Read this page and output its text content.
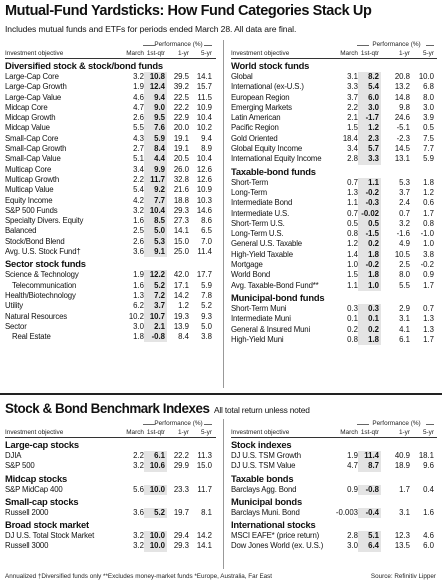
Mutual-Fund Yardsticks: How Fund Categories Stack Up
Includes mutual funds and ETFs for periods ended March 28. All data are final.
Performance (%)
Investment objective	March 1st-qtr 1-yr 5-yr
Diversified stock & stock/bond funds
Large-Cap Core	3.2 10.8 29.5 14.1
Large-Cap Growth	1.9 12.4 39.2 15.7
Large-Cap Value	4.6 9.4 22.5 11.5
Midcap Core	4.7 9.0 22.2 10.9
Midcap Growth	2.6 9.5 22.9 10.4
Midcap Value	5.5 7.6 20.0 10.2
Small-Cap Core	4.3 5.9 19.1 9.4
Small-Cap Growth	2.7 8.4 19.1 8.9
Small-Cap Value	5.1 4.4 20.5 10.4
Multicap Core	3.4 9.9 26.0 12.6
Multicap Growth	2.2 11.7 32.8 12.6
Multicap Value	5.4 9.2 21.6 10.9
Equity Income	4.2 7.7 18.8 10.3
S&P 500 Funds	3.2 10.4 29.3 14.6
Specialty Divers. Equity	1.6 8.5 27.3 8.6
Balanced	2.5 5.0 14.1 6.5
Stock/Bond Blend	2.6 5.3 15.0 7.0
Avg. U.S. Stock Fund†	3.6 9.1 25.0 11.4
Sector stock funds
Science & Technology	1.9 12.2 42.0 17.7
Telecommunication	1.6 5.2 17.1 5.9
Health/Biotechnology	1.3 7.2 14.2 7.8
Utility	6.2 3.7 1.2 5.2
Natural Resources	10.2 10.7 19.3 9.3
Sector	3.0 2.1 13.9 5.0
Real Estate	1.8 -0.8 8.4 3.8
Performance (%)
Investment objective	March 1st-qtr	1-yr 5-yr
World stock funds
Global	3.1 8.2 20.8 10.0
International (ex-U.S.)	3.3 5.4 13.2 6.8
European Region	3.7 6.0 14.8 8.0
Emerging Markets	2.2 3.0	9.8 3.0
Latin American	2.1 -1.7 24.6 3.9
Pacific Region	1.5 1.2 -5.1 0.5
Gold Oriented	18.4 2.3 -2.3 7.5
Global Equity Income	3.4 5.7 14.5 7.7
International Equity Income	2.8 3.3 13.1 5.9
Taxable-bond funds
Short-Term	0.7 1.1	5.3 1.8
Long-Term	1.3 -0.2	3.7 1.2
Intermediate Bond	1.1 -0.3	2.4 0.6
Intermediate U.S.	0.7 -0.02	0.7 1.7
Short-Term U.S.	0.5 0.5	3.2 0.8
Long-Term U.S.	0.8 -1.5 -1.6 -1.0
General U.S. Taxable	1.2 0.2	4.9 1.0
High-Yield Taxable	1.4 1.8 10.5 3.8
Mortgage	1.0 -0.2	2.5 -0.2
World Bond	1.5 1.8	8.0 0.9
Avg. Taxable-Bond Fund**	1.1 1.0	5.5 1.7
Municipal-bond funds
Short-Term Muni	0.3 0.3	2.9 0.7
Intermediate Muni	0.1 0.1	3.1 1.3
General & Insured Muni	0.2 0.2	4.1 1.3
High-Yield Muni	0.8 1.8	6.1 1.7
Stock & Bond Benchmark Indexes All total return unless noted
Performance (%)
Investment objective	March 1st-qtr 1-yr 5-yr
Large-cap stocks
DJIA	2.2 6.1 22.2 11.3
S&P 500	3.2 10.6 29.9 15.0
Midcap stocks
S&P MidCap 400	5.6 10.0 23.3 11.7
Small-cap stocks
Russell 2000	3.6 5.2 19.7 8.1
Broad stock market
DJ U.S. Total Stock Market	3.2 10.0 29.4 14.2
Russell 3000	3.2 10.0 29.3 14.1
Performance (%)
Investment objective	March 1st-qtr	1-yr 5-yr
Stock indexes
DJ U.S. TSM Growth	1.9 11.4 40.9 18.1
DJ U.S. TSM Value	4.7 8.7 18.9 9.6
Taxable bonds
Barclays Agg. Bond	0.9 -0.8	1.7 0.4
Municipal bonds
Barclays Muni. Bond	-0.003 -0.4	3.1 1.6
International stocks
MSCI EAFE* (price return)	2.8 5.1 12.3 4.6
Dow Jones World (ex. U.S.)	3.0 6.4 13.5 6.0
Annualized †Diversified funds only **Excludes money-market funds *Europe, Australia, Far East	Source: Refinitiv Lipper
